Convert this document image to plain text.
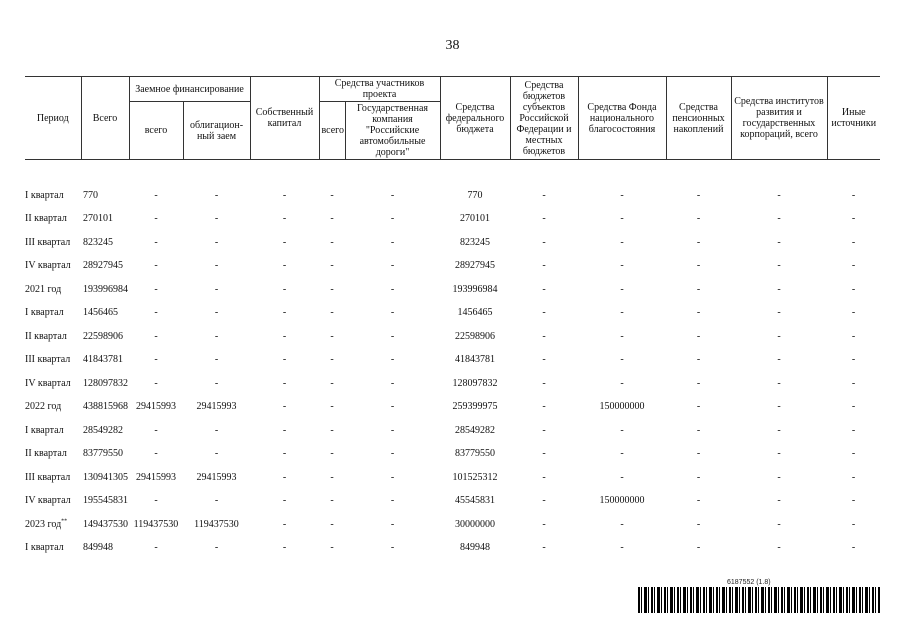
38
Период	Всего	Заемное финансирование		Собственный капитал	Средства участников проекта		Средства федерального бюджета	Средства бюджетов субъектов Российской Федерации и местных бюджетов	Средства Фонда национального благосостояния	Средства пенсионных накоплений	Средства институтов развития и государственных корпораций, всего	Иные источники
		всего	облигацион-
ный заем		всего	Государственная компания "Российские автомобильные дороги"						

I квартал	770	-	-	-	-	-	770	-	-	-	-	-
II квартал	270101	-	-	-	-	-	270101	-	-	-	-	-
III квартал	823245	-	-	-	-	-	823245	-	-	-	-	-
IV квартал	28927945	-	-	-	-	-	28927945	-	-	-	-	-
2021 год	193996984	-	-	-	-	-	193996984	-	-	-	-	-
I квартал	1456465	-	-	-	-	-	1456465	-	-	-	-	-
II квартал	22598906	-	-	-	-	-	22598906	-	-	-	-	-
III квартал	41843781	-	-	-	-	-	41843781	-	-	-	-	-
IV квартал	128097832	-	-	-	-	-	128097832	-	-	-	-	-
2022 год	438815968	29415993	29415993	-	-	-	259399975	-	150000000	-	-	-
I квартал	28549282	-	-	-	-	-	28549282	-	-	-	-	-
II квартал	83779550	-	-	-	-	-	83779550	-	-	-	-	-
III квартал	130941305	29415993	29415993	-	-	-	101525312	-	-	-	-	-
IV квартал	195545831	-	-	-	-	-	45545831	-	150000000	-	-	-
2023 год**	149437530	119437530	119437530	-	-	-	30000000	-	-	-	-	-
I квартал	849948	-	-	-	-	-	849948	-	-	-	-	-
6187552 (1.8)
